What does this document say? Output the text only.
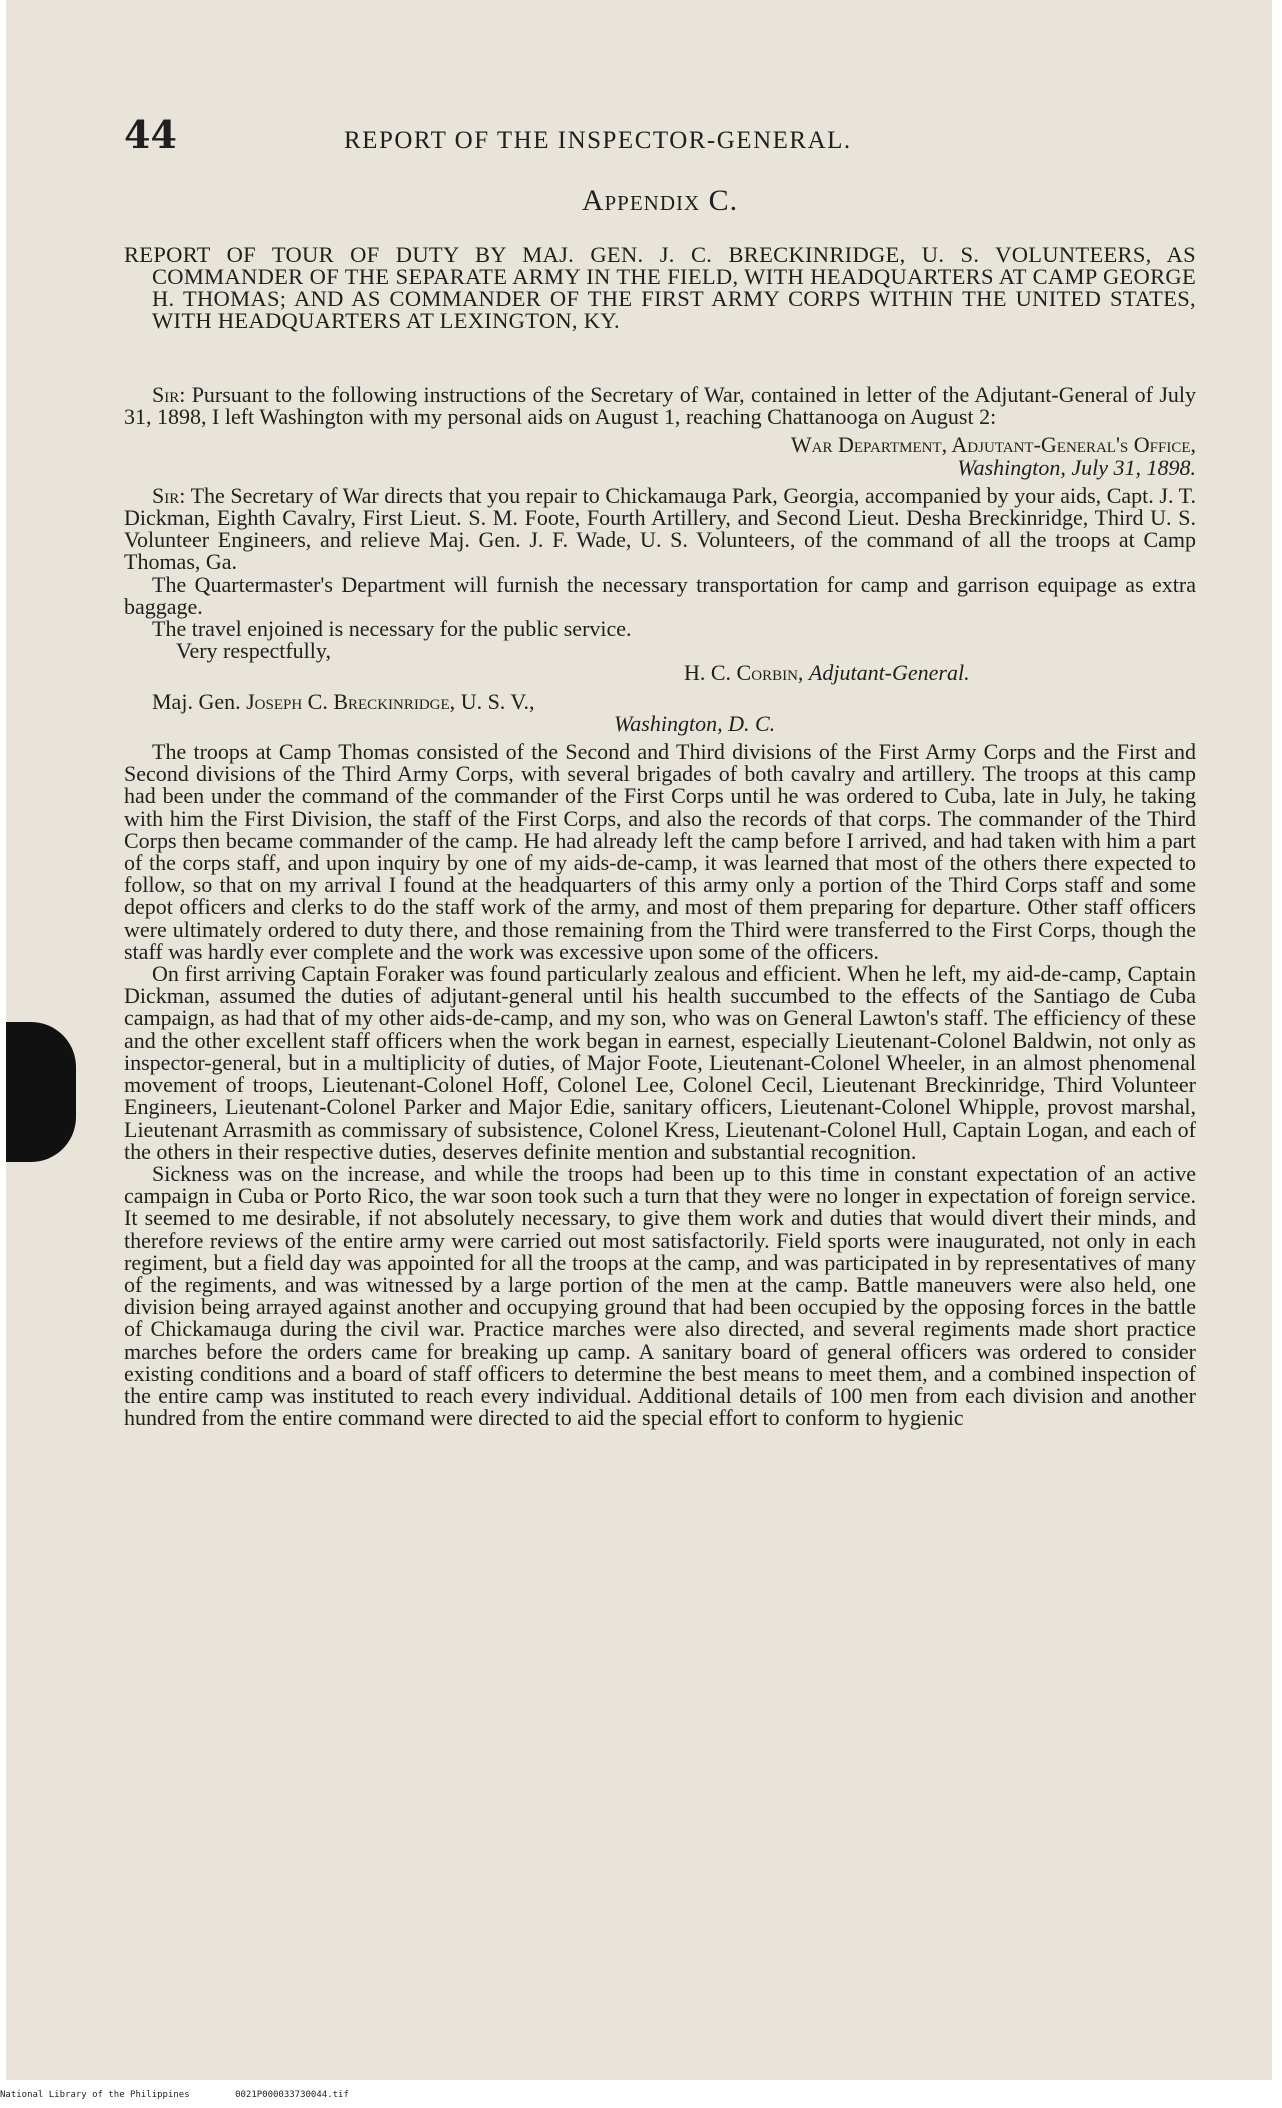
44	REPORT OF THE INSPECTOR-GENERAL.
Appendix C.

REPORT OF TOUR OF DUTY BY MAJ. GEN. J. C. BRECKINRIDGE, U. S. VOLUNTEERS, AS COMMANDER OF THE SEPARATE ARMY IN THE FIELD, WITH HEADQUARTERS AT CAMP GEORGE H. THOMAS; AND AS COMMANDER OF THE FIRST ARMY CORPS WITHIN THE UNITED STATES, WITH HEADQUARTERS AT LEXINGTON, KY.

Sir: Pursuant to the following instructions of the Secretary of War, contained in letter of the Adjutant-General of July 31, 1898, I left Washington with my personal aids on August 1, reaching Chattanooga on August 2:

War Department, Adjutant-General's Office,

Washington, July 31, 1898.

Sir: The Secretary of War directs that you repair to Chickamauga Park, Georgia, accompanied by your aids, Capt. J. T. Dickman, Eighth Cavalry, First Lieut. S. M. Foote, Fourth Artillery, and Second Lieut. Desha Breckinridge, Third U. S. Volunteer Engineers, and relieve Maj. Gen. J. F. Wade, U. S. Volunteers, of the command of all the troops at Camp Thomas, Ga.

The Quartermaster's Department will furnish the necessary transportation for camp and garrison equipage as extra baggage.

The travel enjoined is necessary for the public service.

Very respectfully,

H. C. Corbin, Adjutant-General.

Maj. Gen. Joseph C. Breckinridge, U. S. V.,

Washington, D. C.

The troops at Camp Thomas consisted of the Second and Third divisions of the First Army Corps and the First and Second divisions of the Third Army Corps, with several brigades of both cavalry and artillery. The troops at this camp had been under the command of the commander of the First Corps until he was ordered to Cuba, late in July, he taking with him the First Division, the staff of the First Corps, and also the records of that corps. The commander of the Third Corps then became commander of the camp. He had already left the camp before I arrived, and had taken with him a part of the corps staff, and upon inquiry by one of my aids-de-camp, it was learned that most of the others there expected to follow, so that on my arrival I found at the headquarters of this army only a portion of the Third Corps staff and some depot officers and clerks to do the staff work of the army, and most of them preparing for departure. Other staff officers were ultimately ordered to duty there, and those remaining from the Third were transferred to the First Corps, though the staff was hardly ever complete and the work was excessive upon some of the officers.

On first arriving Captain Foraker was found particularly zealous and efficient. When he left, my aid-de-camp, Captain Dickman, assumed the duties of adjutant-general until his health succumbed to the effects of the Santiago de Cuba campaign, as had that of my other aids-de-camp, and my son, who was on General Lawton's staff. The efficiency of these and the other excellent staff officers when the work began in earnest, especially Lieutenant-Colonel Baldwin, not only as inspector-general, but in a multiplicity of duties, of Major Foote, Lieutenant-Colonel Wheeler, in an almost phenomenal movement of troops, Lieutenant-Colonel Hoff, Colonel Lee, Colonel Cecil, Lieutenant Breckinridge, Third Volunteer Engineers, Lieutenant-Colonel Parker and Major Edie, sanitary officers, Lieutenant-Colonel Whipple, provost marshal, Lieutenant Arrasmith as commissary of subsistence, Colonel Kress, Lieutenant-Colonel Hull, Captain Logan, and each of the others in their respective duties, deserves definite mention and substantial recognition.

Sickness was on the increase, and while the troops had been up to this time in constant expectation of an active campaign in Cuba or Porto Rico, the war soon took such a turn that they were no longer in expectation of foreign service. It seemed to me desirable, if not absolutely necessary, to give them work and duties that would divert their minds, and therefore reviews of the entire army were carried out most satisfactorily. Field sports were inaugurated, not only in each regiment, but a field day was appointed for all the troops at the camp, and was participated in by representatives of many of the regiments, and was witnessed by a large portion of the men at the camp. Battle maneuvers were also held, one division being arrayed against another and occupying ground that had been occupied by the opposing forces in the battle of Chickamauga during the civil war. Practice marches were also directed, and several regiments made short practice marches before the orders came for breaking up camp. A sanitary board of general officers was ordered to consider existing conditions and a board of staff officers to determine the best means to meet them, and a combined inspection of the entire camp was instituted to reach every individual. Additional details of 100 men from each division and another hundred from the entire command were directed to aid the special effort to conform to hygienic

National Library of the Philippines	0021P000033730044.tif
